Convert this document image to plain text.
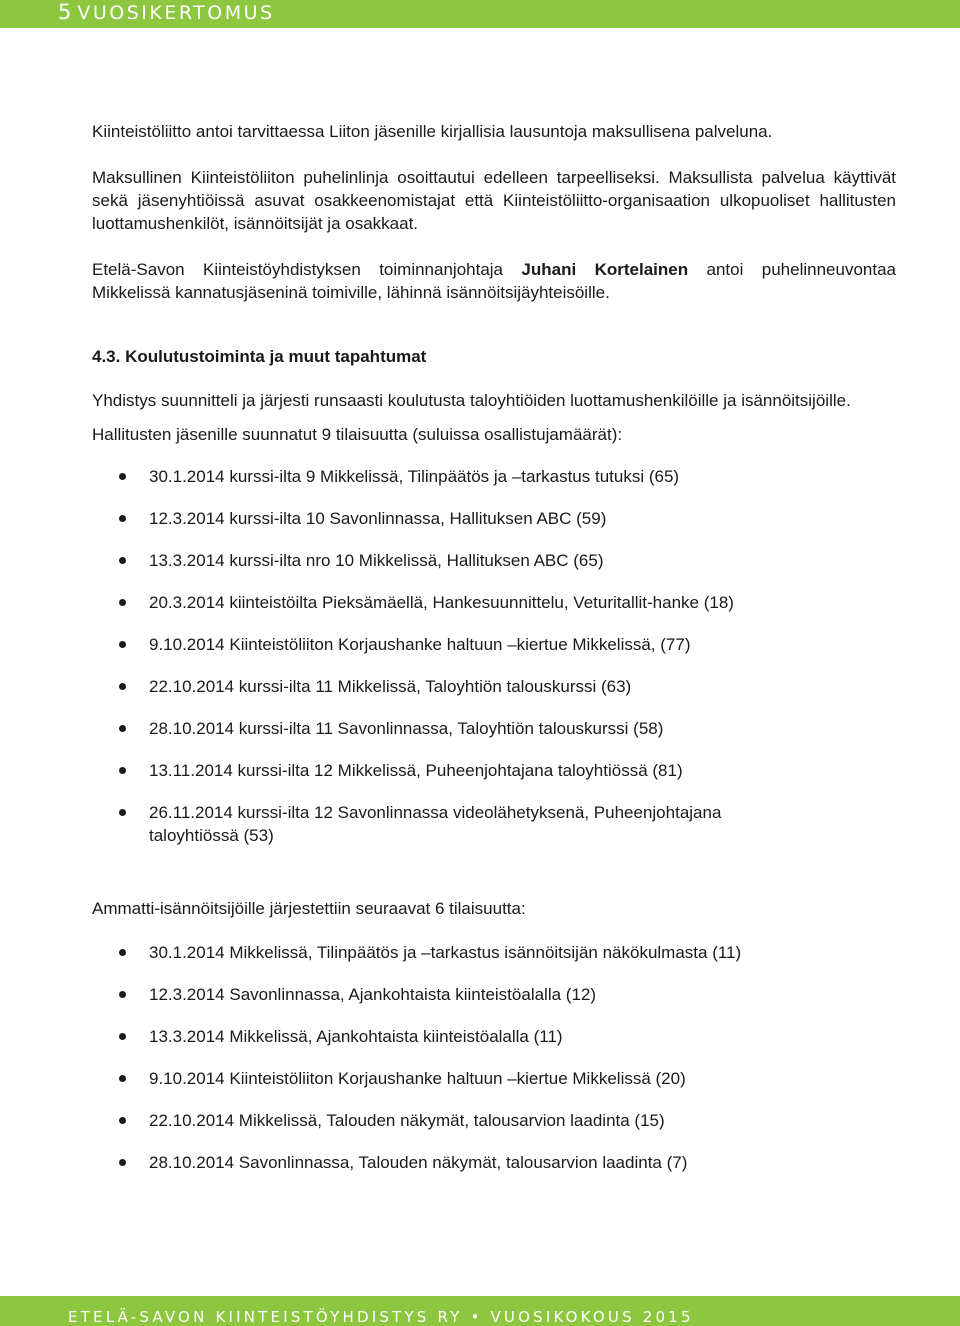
5 VUOSIKERTOMUS

Kiinteistöliitto antoi tarvittaessa Liiton jäsenille kirjallisia lausuntoja maksullisena palveluna.

Maksullinen Kiinteistöliiton puhelinlinja osoittautui edelleen tarpeelliseksi. Maksullista palvelua käyttivät sekä jäsenyhtiöissä asuvat osakkeenomistajat että Kiinteistöliitto-organisaation ulkopuoliset hallitusten luottamushenkilöt, isännöitsijät ja osakkaat.

Etelä-Savon Kiinteistöyhdistyksen toiminnanjohtaja Juhani Kortelainen antoi puhelinneuvontaa Mikkelissä kannatusjäseninä toimiville, lähinnä isännöitsijäyhteisöille.

4.3. Koulutustoiminta ja muut tapahtumat

Yhdistys suunnitteli ja järjesti runsaasti koulutusta taloyhtiöiden luottamushenkilöille ja isännöitsijöille.

Hallitusten jäsenille suunnatut 9 tilaisuutta (suluissa osallistujamäärät):

30.1.2014 kurssi-ilta 9 Mikkelissä, Tilinpäätös ja –tarkastus tutuksi (65)
12.3.2014 kurssi-ilta 10 Savonlinnassa, Hallituksen ABC (59)
13.3.2014 kurssi-ilta nro 10 Mikkelissä, Hallituksen ABC (65)
20.3.2014 kiinteistöilta Pieksämäellä, Hankesuunnittelu, Veturitallit-hanke (18)
9.10.2014 Kiinteistöliiton Korjaushanke haltuun –kiertue Mikkelissä, (77)
22.10.2014 kurssi-ilta 11 Mikkelissä, Taloyhtiön talouskurssi (63)
28.10.2014 kurssi-ilta 11 Savonlinnassa, Taloyhtiön talouskurssi (58)
13.11.2014 kurssi-ilta 12 Mikkelissä, Puheenjohtajana taloyhtiössä (81)
26.11.2014 kurssi-ilta 12 Savonlinnassa videolähetyksenä, Puheenjohtajana taloyhtiössä (53)

Ammatti-isännöitsijöille järjestettiin seuraavat 6 tilaisuutta:

30.1.2014 Mikkelissä, Tilinpäätös ja –tarkastus isännöitsijän näkökulmasta (11)
12.3.2014 Savonlinnassa, Ajankohtaista kiinteistöalalla (12)
13.3.2014 Mikkelissä, Ajankohtaista kiinteistöalalla (11)
9.10.2014 Kiinteistöliiton Korjaushanke haltuun –kiertue Mikkelissä (20)
22.10.2014 Mikkelissä, Talouden näkymät, talousarvion laadinta (15)
28.10.2014 Savonlinnassa, Talouden näkymät, talousarvion laadinta (7)
ETELÄ-SAVON KIINTEISTÖYHDISTYS RY • VUOSIKOKOUS 2015
